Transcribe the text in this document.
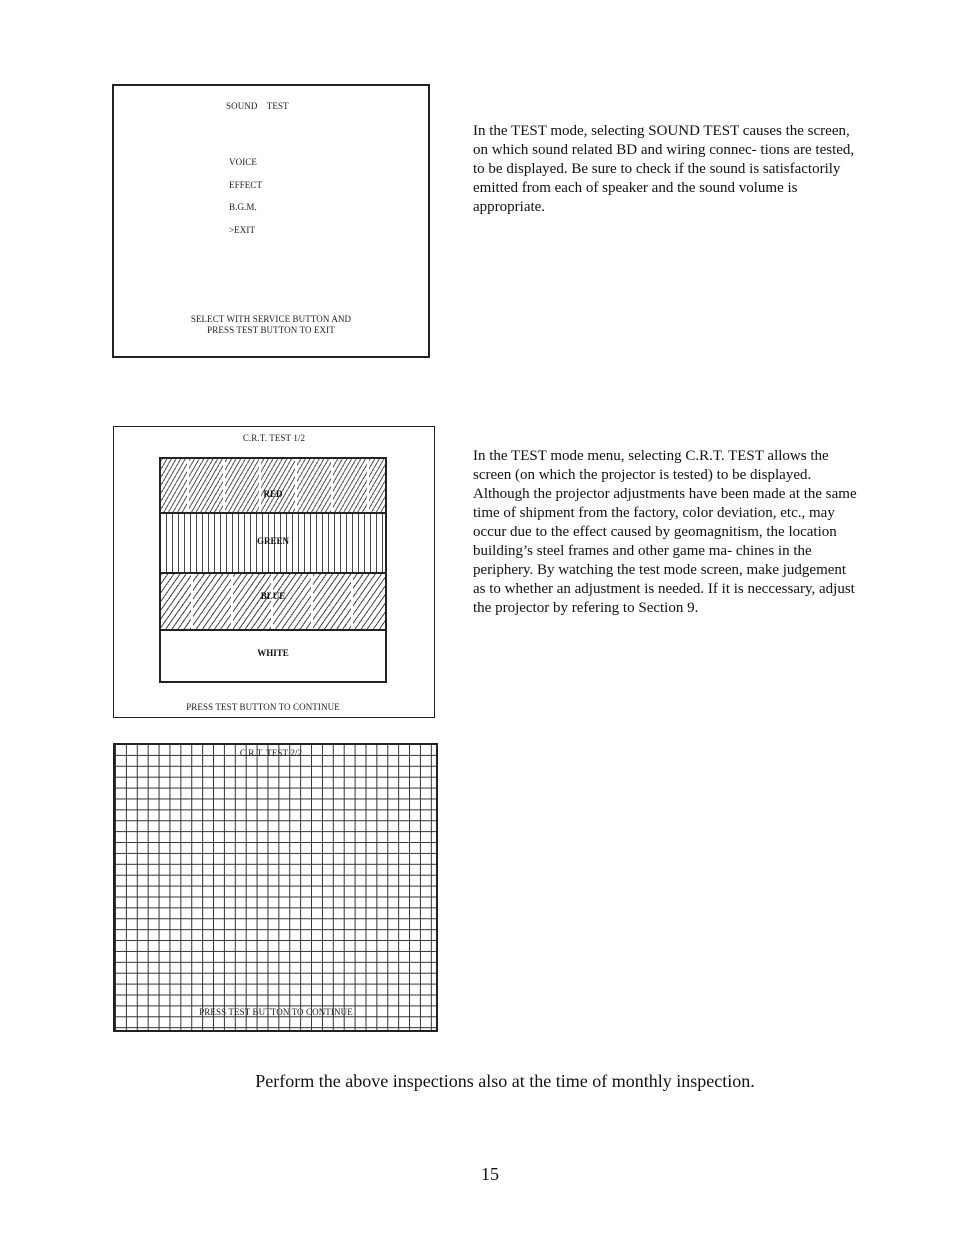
SOUND    TEST
VOICE
EFFECT
B.G.M.
>EXIT
SELECT WITH SERVICE BUTTON AND
PRESS TEST BUTTON TO EXIT

In the TEST mode, selecting SOUND TEST causes the screen, on which sound related BD and wiring connec- tions are tested, to be displayed. Be sure to check if the sound is satisfactorily emitted from each of speaker and the sound volume is appropriate.

C.R.T. TEST 1/2
RED
GREEN
BLUE
WHITE
PRESS TEST BUTTON TO CONTINUE

In the TEST mode menu, selecting C.R.T. TEST allows the screen (on which the projector is tested) to be displayed. Although the projector adjustments have been made at the same time of shipment from the factory, color deviation, etc., may occur due to the effect caused by geomagnitism, the location building’s steel frames and other game ma- chines in the periphery. By watching the test mode screen, make judgement as to whether an adjustment is needed. If it is neccessary, adjust the projector by refering to Section 9.

C.R.T. TEST 2/2
PRESS TEST BUTTON TO CONTINUE
Perform the above inspections also at the time of monthly inspection.
15
